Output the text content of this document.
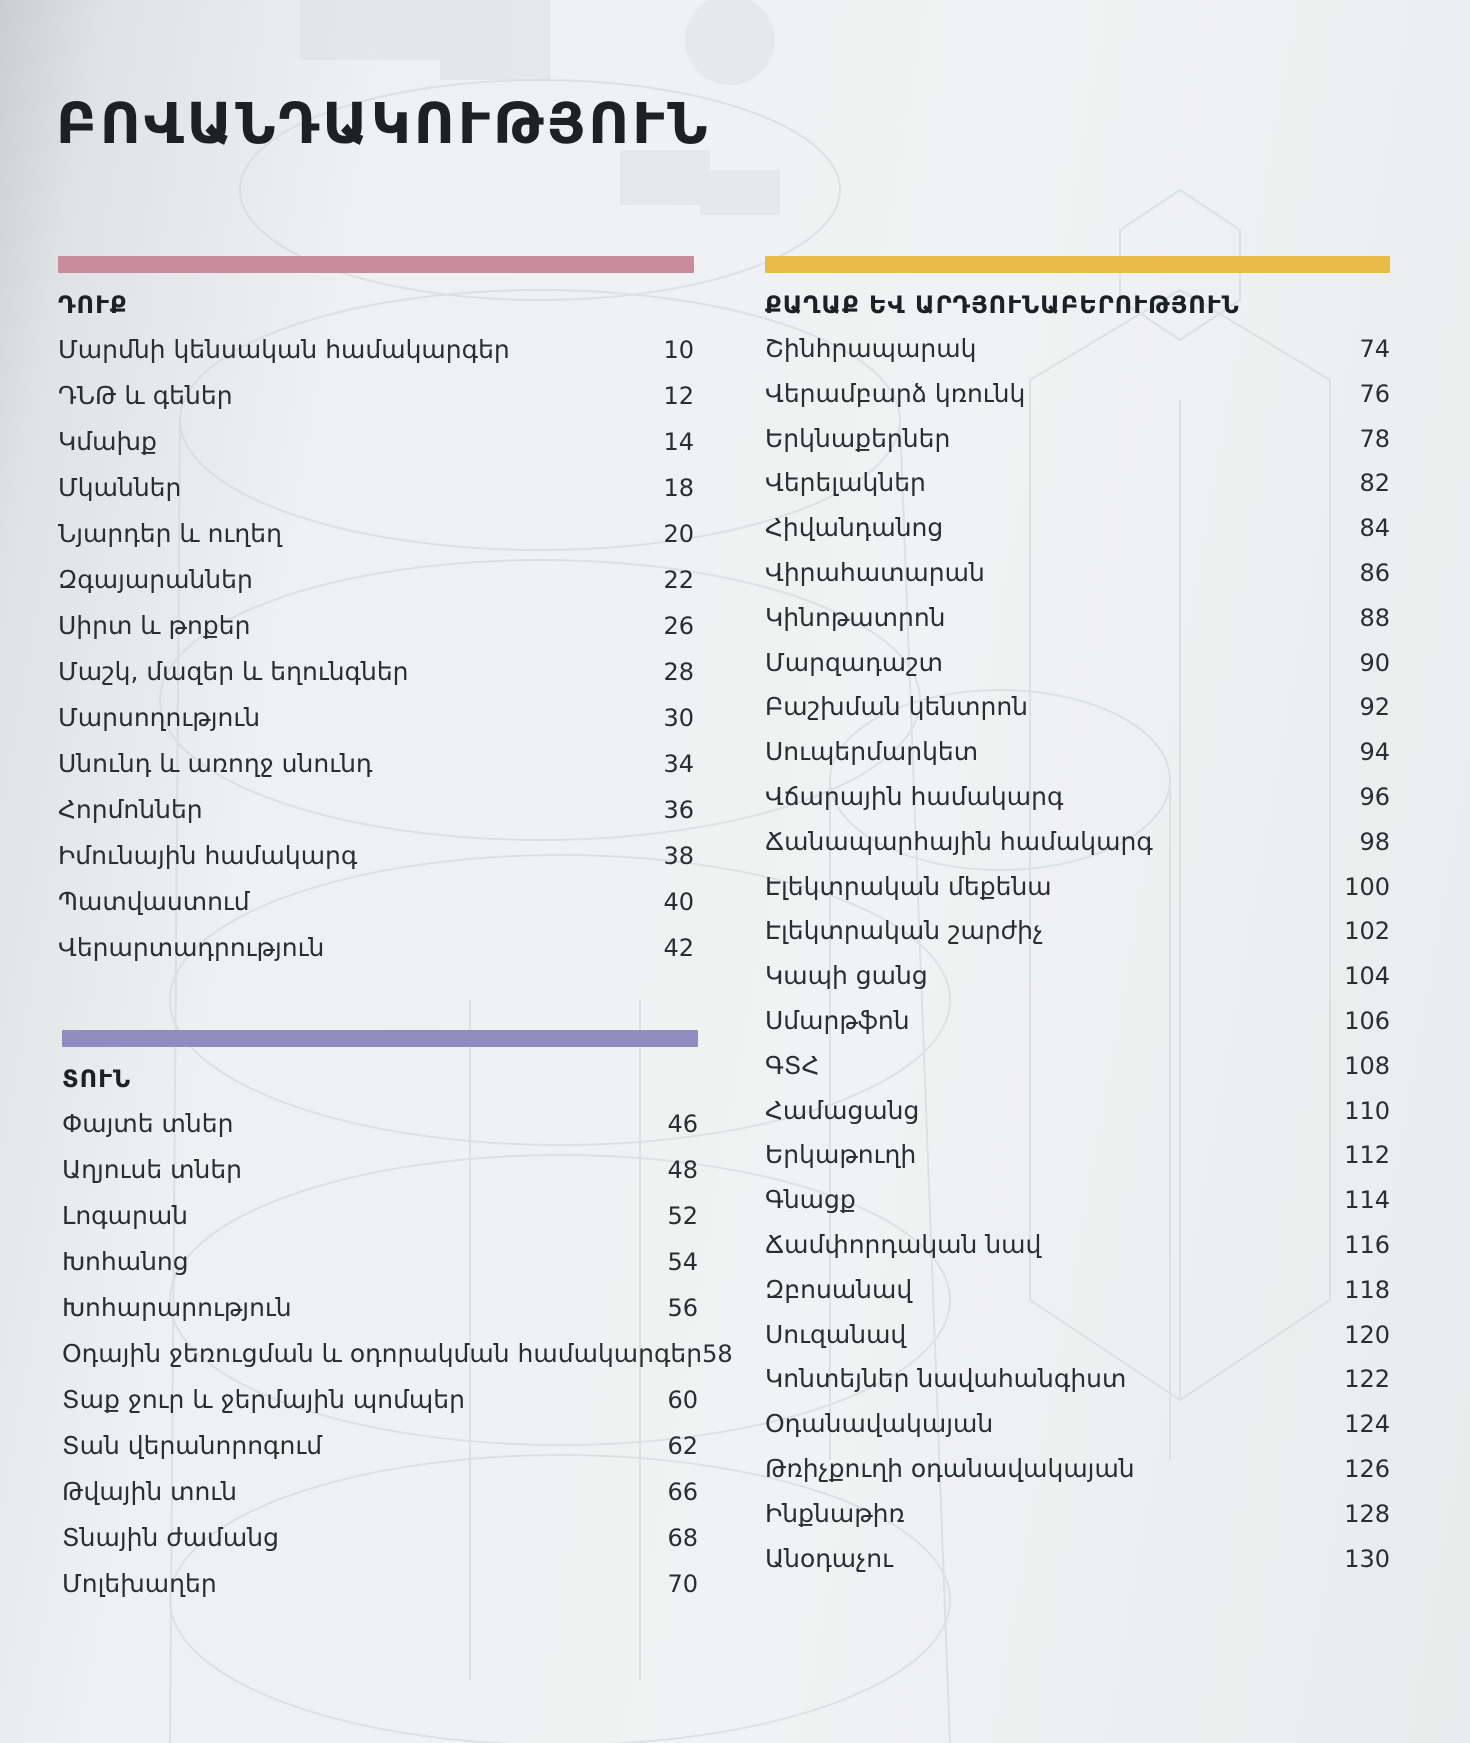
ԲՈՎԱՆԴԱԿՈՒԹՅՈՒՆ
ԴՈՒՔ
Մարմնի կենսական համակարգեր	10
ԴՆԹ և գեներ	12
Կմախք	14
Մկաններ	18
Նյարդեր և ուղեղ	20
Զգայարաններ	22
Սիրտ և թոքեր	26
Մաշկ, մազեր և եղունգներ	28
Մարսողություն	30
Սնունդ և առողջ սնունդ	34
Հորմոններ	36
Իմունային համակարգ	38
Պատվաստում	40
Վերարտադրություն	42
ՏՈՒՆ
Փայտե տներ	46
Աղյուսե տներ	48
Լոգարան	52
Խոհանոց	54
Խոհարարություն	56
Օդային ջեռուցման և օդորակման համակարգեր 58
Տաք ջուր և ջերմային պոմպեր	60
Տան վերանորոգում	62
Թվային տուն	66
Տնային ժամանց	68
Մոլեխաղեր	70
ՔԱՂԱՔ ԵՎ ԱՐԴՅՈՒՆԱԲԵՐՈՒԹՅՈՒՆ
Շինհրապարակ	74
Վերամբարձ կռունկ	76
Երկնաքերներ	78
Վերելակներ	82
Հիվանդանոց	84
Վիրահատարան	86
Կինոթատրոն	88
Մարզադաշտ	90
Բաշխման կենտրոն	92
Սուպերմարկետ	94
Վճարային համակարգ	96
Ճանապարհային համակարգ	98
Էլեկտրական մեքենա	100
Էլեկտրական շարժիչ	102
Կապի ցանց	104
Սմարթֆոն	106
ԳՏՀ	108
Համացանց	110
Երկաթուղի	112
Գնացք	114
Ճամփորդական նավ	116
Զբոսանավ	118
Սուզանավ	120
Կոնտեյներ նավահանգիստ	122
Օդանավակայան	124
Թռիչքուղի օդանավակայան	126
Ինքնաթիռ	128
Անօդաչու	130
